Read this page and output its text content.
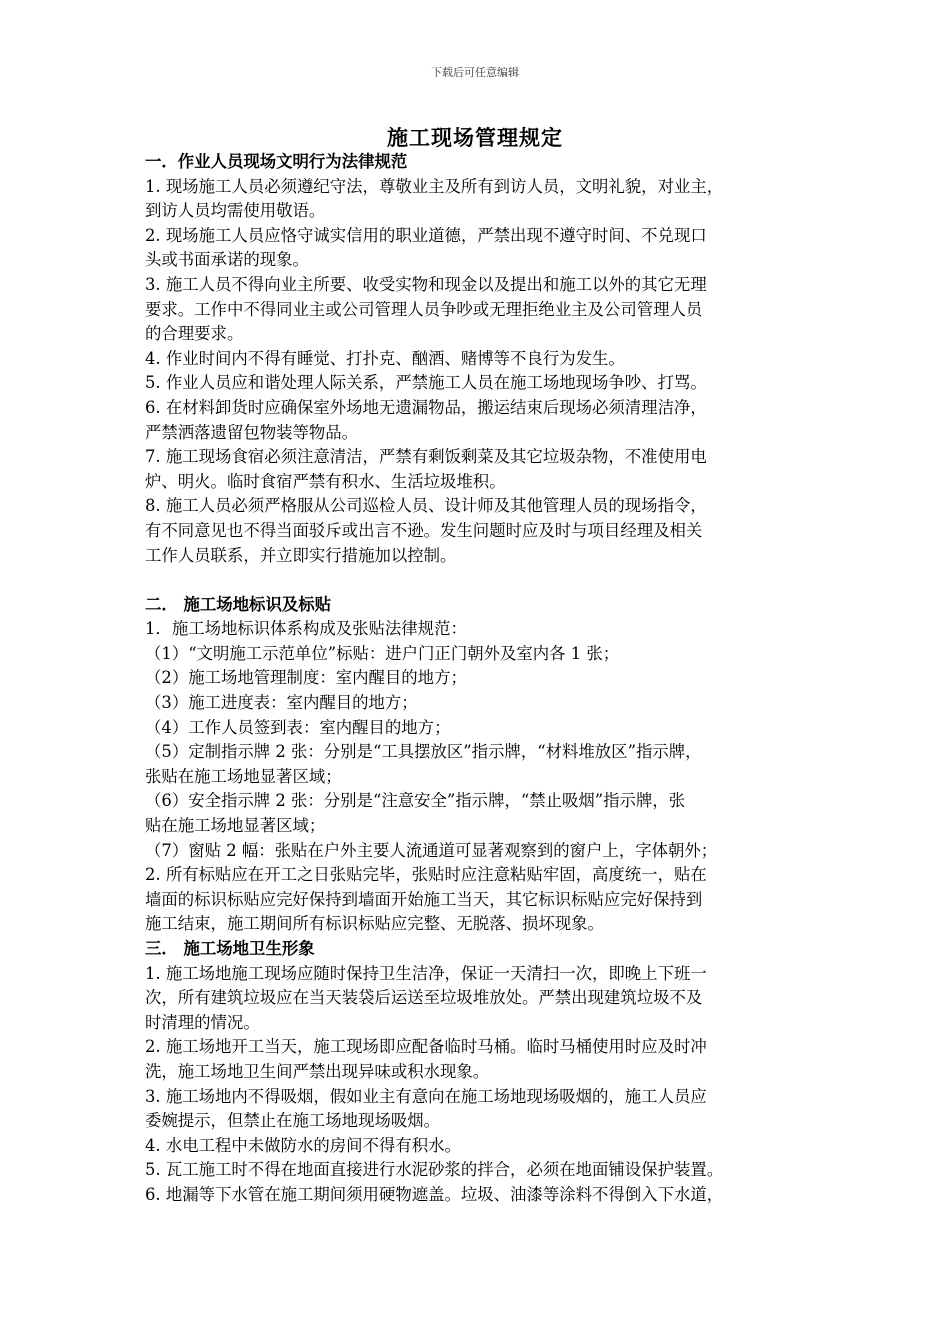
下载后可任意编辑
施工现场管理规定
一．作业人员现场文明行为法律规范
1. 现场施工人员必须遵纪守法，尊敬业主及所有到访人员，文明礼貌，对业主，
到访人员均需使用敬语。
2. 现场施工人员应恪守诚实信用的职业道德，严禁出现不遵守时间、不兑现口
头或书面承诺的现象。
3. 施工人员不得向业主所要、收受实物和现金以及提出和施工以外的其它无理
要求。工作中不得同业主或公司管理人员争吵或无理拒绝业主及公司管理人员
的合理要求。
4. 作业时间内不得有睡觉、打扑克、酗酒、赌博等不良行为发生。
5. 作业人员应和谐处理人际关系，严禁施工人员在施工场地现场争吵、打骂。
6. 在材料卸货时应确保室外场地无遗漏物品，搬运结束后现场必须清理洁净，
严禁洒落遗留包物装等物品。
7. 施工现场食宿必须注意清洁，严禁有剩饭剩菜及其它垃圾杂物，不准使用电
炉、明火。临时食宿严禁有积水、生活垃圾堆积。
8. 施工人员必须严格服从公司巡检人员、设计师及其他管理人员的现场指令，
有不同意见也不得当面驳斥或出言不逊。发生问题时应及时与项目经理及相关
工作人员联系，并立即实行措施加以控制。
二． 施工场地标识及标贴
1．施工场地标识体系构成及张贴法律规范：
（1）“文明施工示范单位”标贴：进户门正门朝外及室内各 1 张；
（2）施工场地管理制度：室内醒目的地方；
（3）施工进度表：室内醒目的地方；
（4）工作人员签到表：室内醒目的地方；
（5）定制指示牌 2 张：分别是“工具摆放区”指示牌，“材料堆放区”指示牌，
张贴在施工场地显著区域；
（6）安全指示牌 2 张：分别是“注意安全”指示牌，“禁止吸烟”指示牌，张
贴在施工场地显著区域；
（7）窗贴 2 幅：张贴在户外主要人流通道可显著观察到的窗户上，字体朝外；
2. 所有标贴应在开工之日张贴完毕，张贴时应注意粘贴牢固，高度统一，贴在
墙面的标识标贴应完好保持到墙面开始施工当天，其它标识标贴应完好保持到
施工结束，施工期间所有标识标贴应完整、无脱落、损坏现象。
三． 施工场地卫生形象
1. 施工场地施工现场应随时保持卫生洁净，保证一天清扫一次，即晚上下班一
次，所有建筑垃圾应在当天装袋后运送至垃圾堆放处。严禁出现建筑垃圾不及
时清理的情况。
2. 施工场地开工当天，施工现场即应配备临时马桶。临时马桶使用时应及时冲
洗，施工场地卫生间严禁出现异味或积水现象。
3. 施工场地内不得吸烟，假如业主有意向在施工场地现场吸烟的，施工人员应
委婉提示，但禁止在施工场地现场吸烟。
4. 水电工程中未做防水的房间不得有积水。
5. 瓦工施工时不得在地面直接进行水泥砂浆的拌合，必须在地面铺设保护装置。
6. 地漏等下水管在施工期间须用硬物遮盖。垃圾、油漆等涂料不得倒入下水道，
